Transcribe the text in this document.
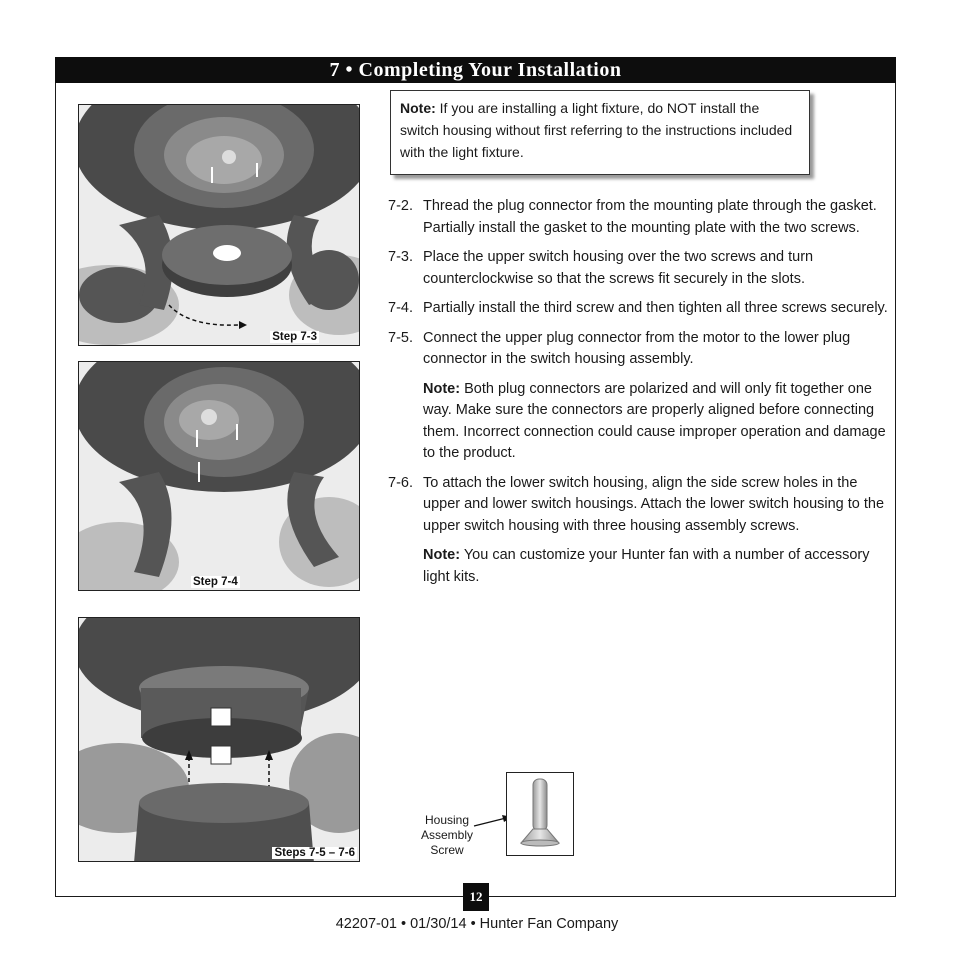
7 • Completing Your Installation
Step 7-3
Step 7-4
Steps 7-5 – 7-6
Note: If you are installing a light fixture, do NOT install the switch housing without first referring to the instructions included with the light fixture.
7-2. Thread the plug connector from the mounting plate through the gasket. Partially install the gasket to the mounting plate with the two screws.
7-3. Place the upper switch housing over the two screws and turn counterclockwise so that the screws fit securely in the slots.
7-4. Partially install the third screw and then tighten all three screws securely.
7-5. Connect the upper plug connector from the motor to the lower plug connector in the switch housing assembly.
Note: Both plug connectors are polarized and will only fit together one way. Make sure the connectors are properly aligned before connecting them. Incorrect connection could cause improper operation and damage to the product.
7-6. To attach the lower switch housing, align the side screw holes in the upper and lower switch housings. Attach the lower switch housing to the upper switch housing with three housing assembly screws.
Note: You can customize your Hunter fan with a number of accessory light kits.
Housing
Assembly
Screw
12
42207-01 • 01/30/14 • Hunter Fan Company
